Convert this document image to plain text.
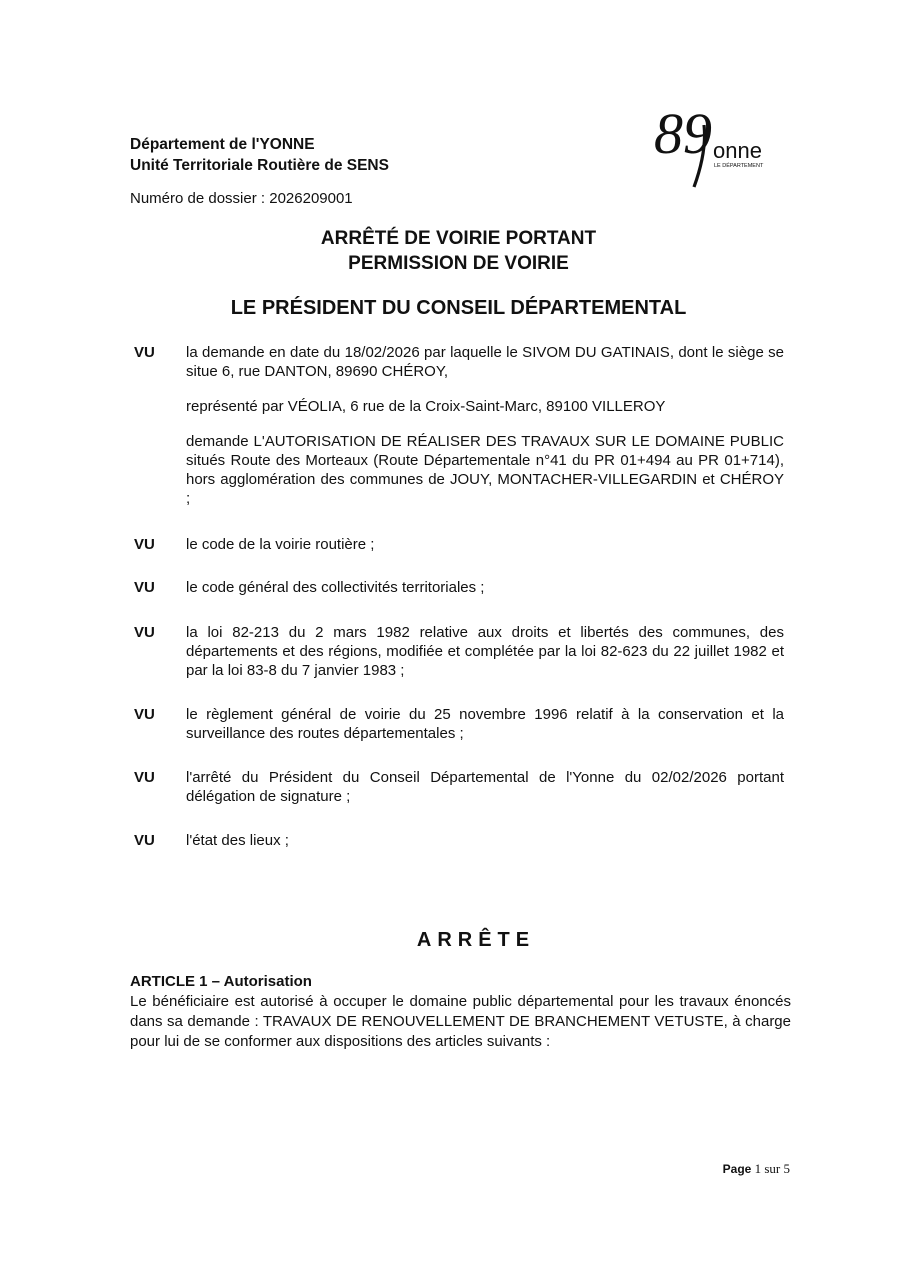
Département de l'YONNE
Unité Territoriale Routière de SENS
Numéro de dossier : 2026209001
89 onne
LE DÉPARTEMENT
ARRÊTÉ DE VOIRIE PORTANT
PERMISSION DE VOIRIE
LE PRÉSIDENT DU CONSEIL DÉPARTEMENTAL
VU	la demande en date du 18/02/2026 par laquelle le SIVOM DU GATINAIS, dont le siège se situe 6, rue DANTON, 89690 CHÉROY,
représenté par VÉOLIA, 6 rue de la Croix-Saint-Marc, 89100 VILLEROY
demande L'AUTORISATION DE RÉALISER DES TRAVAUX SUR LE DOMAINE PUBLIC situés Route des Morteaux (Route Départementale n°41 du PR 01+494 au PR 01+714), hors agglomération des communes de JOUY, MONTACHER-VILLEGARDIN et CHÉROY ;
VU	le code de la voirie routière ;
VU	le code général des collectivités territoriales ;
VU	la loi 82-213 du 2 mars 1982 relative aux droits et libertés des communes, des départements et des régions, modifiée et complétée par la loi 82-623 du 22 juillet 1982 et par la loi 83-8 du 7 janvier 1983 ;
VU	le règlement général de voirie du 25 novembre 1996 relatif à la conservation et la surveillance des routes départementales ;
VU	l'arrêté du Président du Conseil Départemental de l'Yonne du 02/02/2026 portant délégation de signature ;
VU	l'état des lieux ;
ARRÊTE
ARTICLE 1 – Autorisation
Le bénéficiaire est autorisé à occuper le domaine public départemental pour les travaux énoncés dans sa demande : TRAVAUX DE RENOUVELLEMENT DE BRANCHEMENT VETUSTE, à charge pour lui de se conformer aux dispositions des articles suivants :
Page 1 sur 5
